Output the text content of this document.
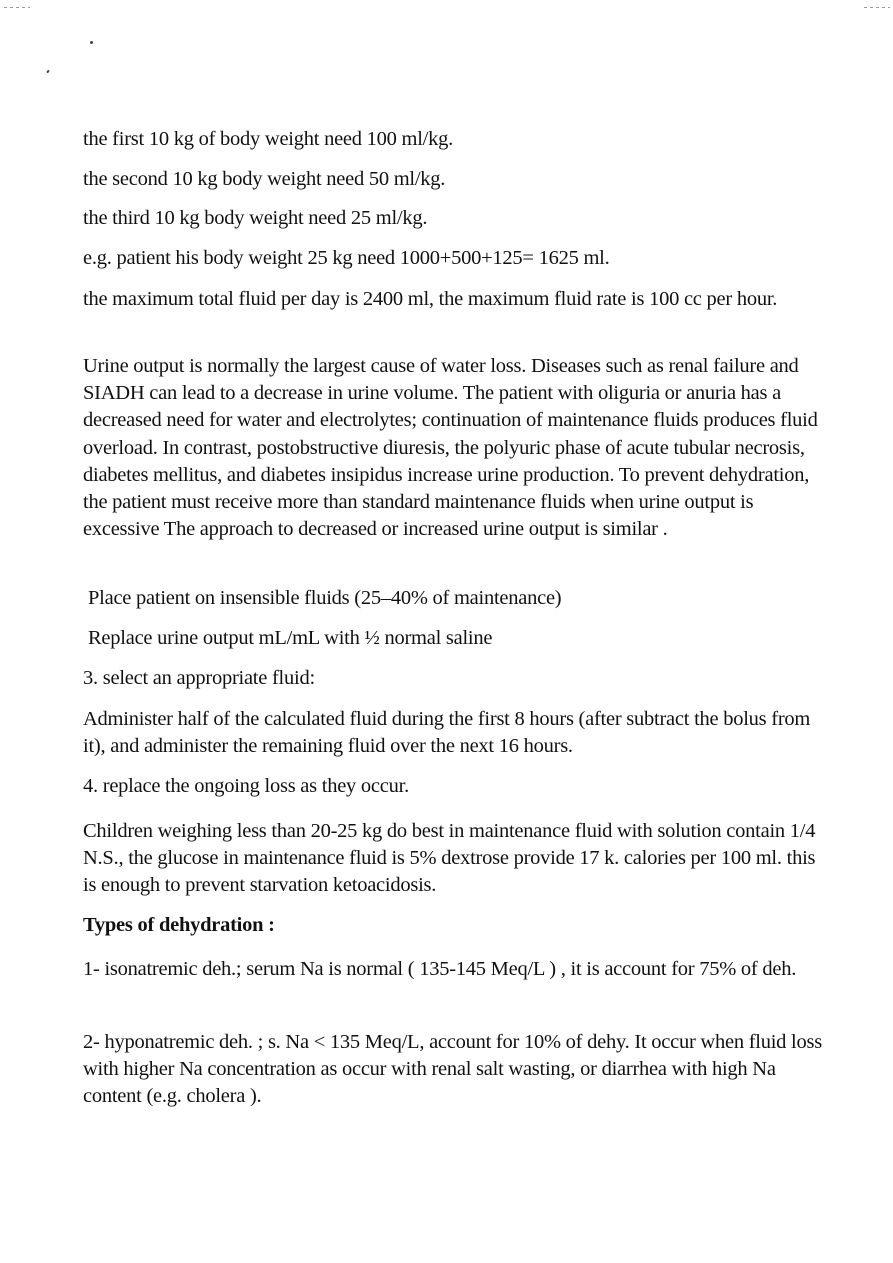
the first 10 kg of body weight need 100 ml/kg.

the second 10 kg body weight need 50 ml/kg.

the third 10 kg body weight need 25 ml/kg.

e.g. patient his body weight 25 kg need 1000+500+125= 1625 ml.

the maximum total fluid per day is 2400 ml, the maximum fluid rate is 100 cc per hour.

Urine output is normally the largest cause of water loss. Diseases such as renal failure and SIADH can lead to a decrease in urine volume. The patient with oliguria or anuria has a decreased need for water and electrolytes; continuation of maintenance fluids produces fluid overload. In contrast, postobstructive diuresis, the polyuric phase of acute tubular necrosis, diabetes mellitus, and diabetes insipidus increase urine production. To prevent dehydration, the patient must receive more than standard maintenance fluids when urine output is excessive The approach to decreased or increased urine output is similar .

Place patient on insensible fluids (25–40% of maintenance)

Replace urine output mL/mL with ½ normal saline

3. select an appropriate fluid:

Administer half of the calculated fluid during the first 8 hours (after subtract the bolus from it), and administer the remaining fluid over the next 16 hours.

4. replace the ongoing loss as they occur.

Children weighing less than 20-25 kg do best in maintenance fluid with solution contain 1/4 N.S., the glucose in maintenance fluid is 5% dextrose provide 17 k. calories per 100 ml. this is enough to prevent starvation ketoacidosis.

Types of dehydration :

1- isonatremic deh.; serum Na is normal ( 135-145 Meq/L ) , it is account for 75% of deh.

2- hyponatremic deh. ; s. Na < 135 Meq/L, account for 10% of dehy. It occur when fluid loss with higher Na concentration as occur with renal salt wasting, or diarrhea with high Na content (e.g. cholera ).
